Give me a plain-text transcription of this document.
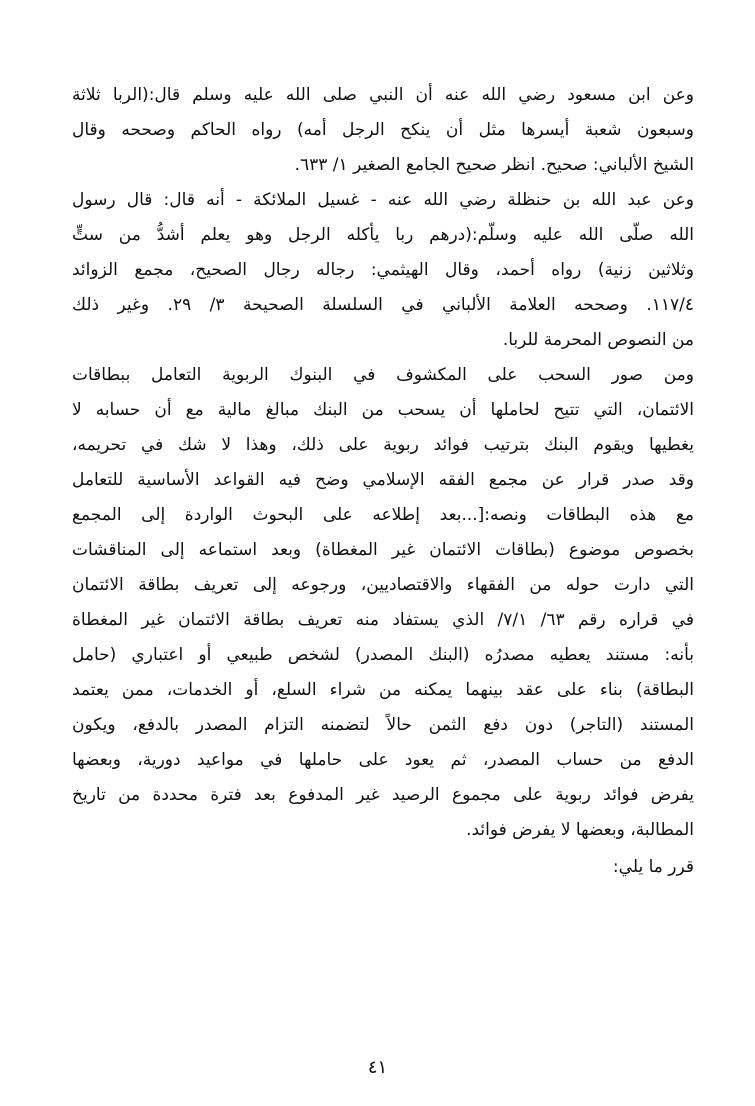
وعن ابن مسعود رضي الله عنه أن النبي صلى الله عليه وسلم قال:(الربا ثلاثة
وسبعون شعبة أيسرها مثل أن ينكح الرجل أمه) رواه الحاكم وصححه وقال
الشيخ الألباني: صحيح. انظر صحيح الجامع الصغير ١/ ٦٣٣.
وعن عبد الله بن حنظلة رضي الله عنه - غسيل الملائكة - أنه قال: قال رسول
الله صلّى الله عليه وسلّم:(درهم ربا يأكله الرجل وهو يعلم أشدُّ من ستٍّ
وثلاثين زنية) رواه أحمد، وقال الهيثمي: رجاله رجال الصحيح، مجمع الزوائد
١١٧/٤. وصححه العلامة الألباني في السلسلة الصحيحة ٣/ ٢٩. وغير ذلك
من النصوص المحرمة للربا.
ومن صور السحب على المكشوف في البنوك الربوية التعامل ببطاقات
الائتمان، التي تتيح لحاملها أن يسحب من البنك مبالغ مالية مع أن حسابه لا
يغطيها ويقوم البنك بترتيب فوائد ربوية على ذلك، وهذا لا شك في تحريمه،
وقد صدر قرار عن مجمع الفقه الإسلامي وضح فيه القواعد الأساسية للتعامل
مع هذه البطاقات ونصه:[...بعد إطلاعه على البحوث الواردة إلى المجمع
بخصوص موضوع (بطاقات الائتمان غير المغطاة) وبعد استماعه إلى المناقشات
التي دارت حوله من الفقهاء والاقتصاديين، ورجوعه إلى تعريف بطاقة الائتمان
في قراره رقم ٦٣/ ٧/١/ الذي يستفاد منه تعريف بطاقة الائتمان غير المغطاة
بأنه: مستند يعطيه مصدرُه (البنك المصدر) لشخص طبيعي أو اعتباري (حامل
البطاقة) بناء على عقد بينهما يمكنه من شراء السلع، أو الخدمات، ممن يعتمد
المستند (التاجر) دون دفع الثمن حالاً لتضمنه التزام المصدر بالدفع، ويكون
الدفع من حساب المصدر، ثم يعود على حاملها في مواعيد دورية، وبعضها
يفرض فوائد ربوية على مجموع الرصيد غير المدفوع بعد فترة محددة من تاريخ
المطالبة، وبعضها لا يفرض فوائد.
قرر ما يلي:
٤١
